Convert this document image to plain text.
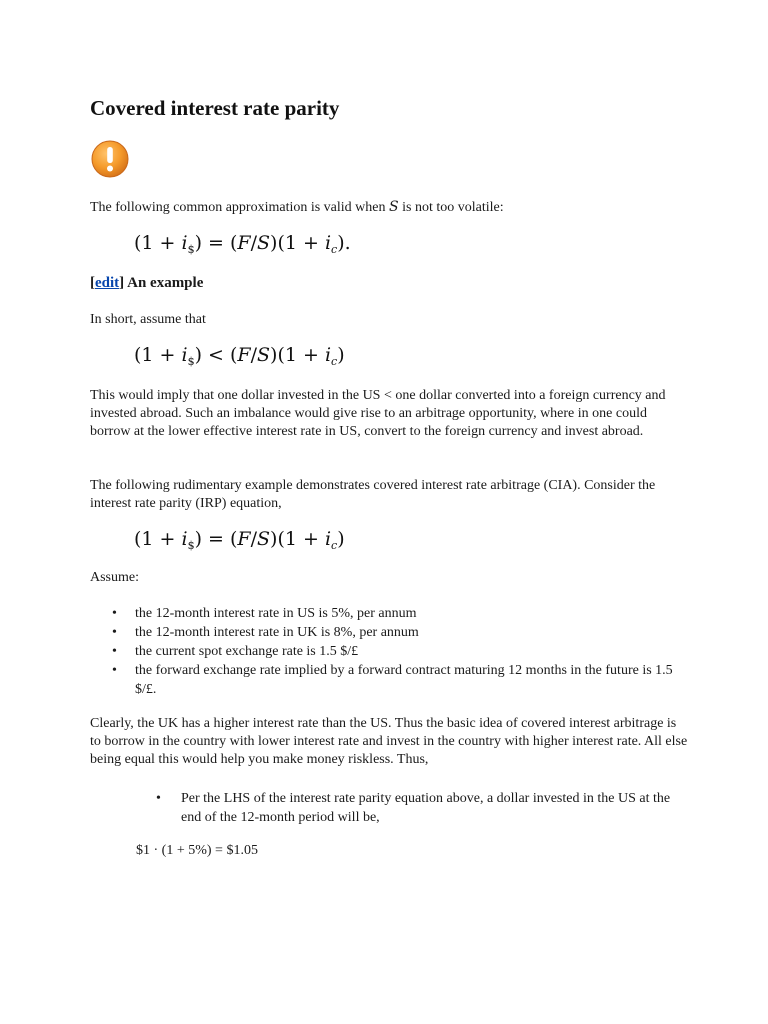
Covered interest rate parity

The following common approximation is valid when S is not too volatile:

$(1 + i_{\$}) = (F/S)(1 + i_c)$.
[edit] An example

In short, assume that

$(1 + i_{\$}) < (F/S)(1 + i_c)$

This would imply that one dollar invested in the US < one dollar converted into a foreign currency and invested abroad. Such an imbalance would give rise to an arbitrage opportunity, where in one could borrow at the lower effective interest rate in US, convert to the foreign currency and invest abroad.

The following rudimentary example demonstrates covered interest rate arbitrage (CIA). Consider the interest rate parity (IRP) equation,

$(1 + i_{\$}) = (F/S)(1 + i_c)$

Assume:

• the 12-month interest rate in US is 5%, per annum
• the 12-month interest rate in UK is 8%, per annum
• the current spot exchange rate is 1.5 $/£
• the forward exchange rate implied by a forward contract maturing 12 months in the future is 1.5 $/£.

Clearly, the UK has a higher interest rate than the US. Thus the basic idea of covered interest arbitrage is to borrow in the country with lower interest rate and invest in the country with higher interest rate. All else being equal this would help you make money riskless. Thus,

• Per the LHS of the interest rate parity equation above, a dollar invested in the US at the end of the 12-month period will be,

$1 · (1 + 5%) = $1.05
